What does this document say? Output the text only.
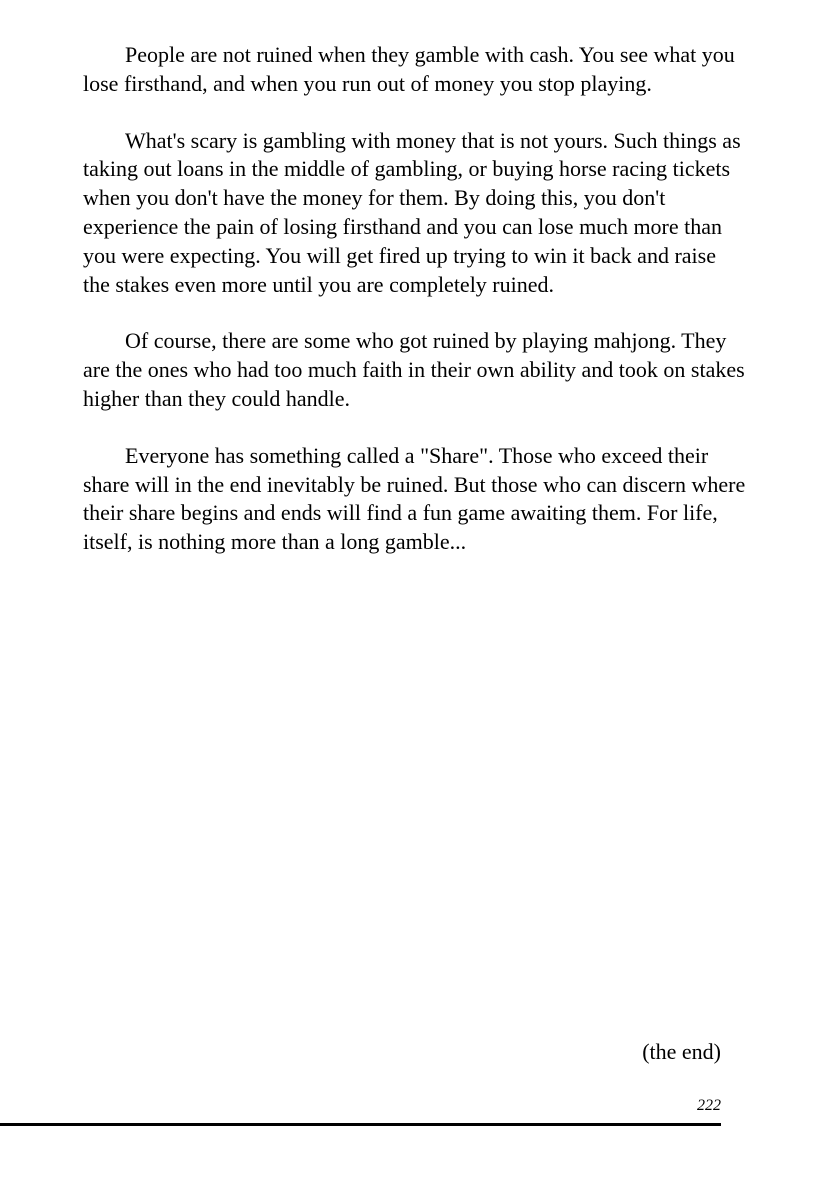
People are not ruined when they gamble with cash. You see what you lose firsthand, and when you run out of money you stop playing.

What's scary is gambling with money that is not yours. Such things as taking out loans in the middle of gambling, or buying horse racing tickets when you don't have the money for them. By doing this, you don't experience the pain of losing firsthand and you can lose much more than you were expecting. You will get fired up trying to win it back and raise the stakes even more until you are completely ruined.

Of course, there are some who got ruined by playing mahjong. They are the ones who had too much faith in their own ability and took on stakes higher than they could handle.

Everyone has something called a "Share". Those who exceed their share will in the end inevitably be ruined. But those who can discern where their share begins and ends will find a fun game awaiting them. For life, itself, is nothing more than a long gamble...

(the end)
222
